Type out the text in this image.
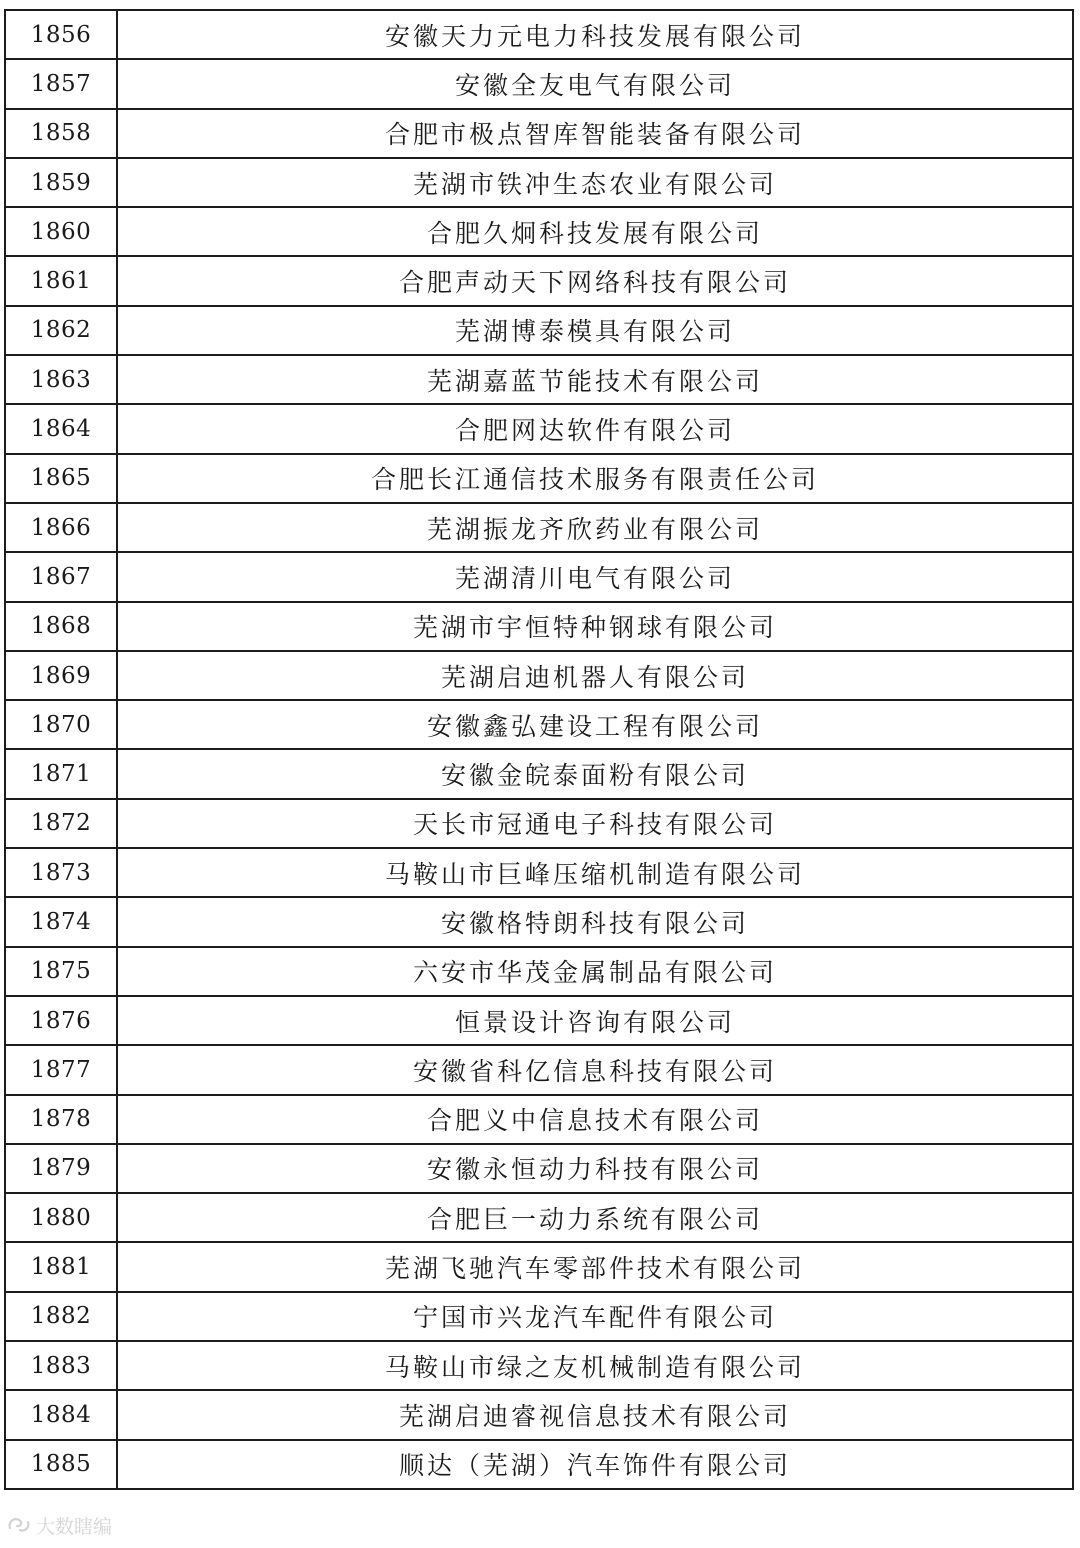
1856	安徽天力元电力科技发展有限公司
1857	安徽全友电气有限公司
1858	合肥市极点智库智能装备有限公司
1859	芜湖市铁冲生态农业有限公司
1860	合肥久炯科技发展有限公司
1861	合肥声动天下网络科技有限公司
1862	芜湖博泰模具有限公司
1863	芜湖嘉蓝节能技术有限公司
1864	合肥网达软件有限公司
1865	合肥长江通信技术服务有限责任公司
1866	芜湖振龙齐欣药业有限公司
1867	芜湖清川电气有限公司
1868	芜湖市宇恒特种钢球有限公司
1869	芜湖启迪机器人有限公司
1870	安徽鑫弘建设工程有限公司
1871	安徽金皖泰面粉有限公司
1872	天长市冠通电子科技有限公司
1873	马鞍山市巨峰压缩机制造有限公司
1874	安徽格特朗科技有限公司
1875	六安市华茂金属制品有限公司
1876	恒景设计咨询有限公司
1877	安徽省科亿信息科技有限公司
1878	合肥义中信息技术有限公司
1879	安徽永恒动力科技有限公司
1880	合肥巨一动力系统有限公司
1881	芜湖飞驰汽车零部件技术有限公司
1882	宁国市兴龙汽车配件有限公司
1883	马鞍山市绿之友机械制造有限公司
1884	芜湖启迪睿视信息技术有限公司
1885	顺达（芜湖）汽车饰件有限公司
大数瞎编
